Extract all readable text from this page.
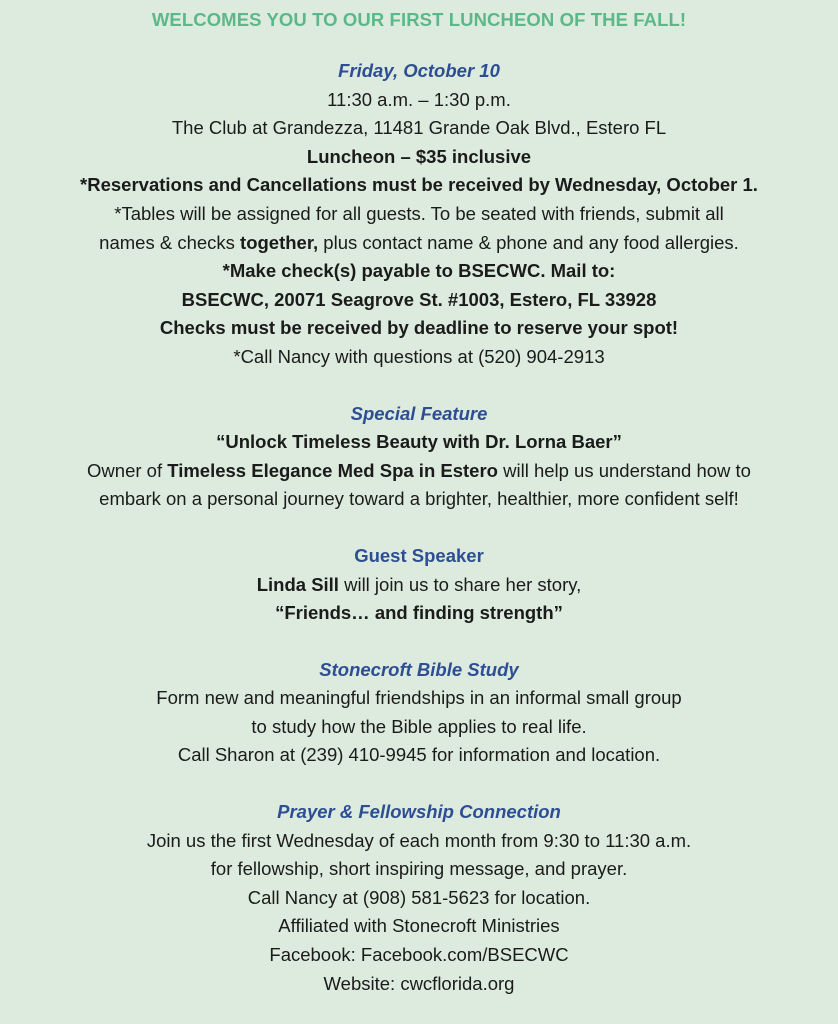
WELCOMES YOU TO OUR FIRST LUNCHEON OF THE FALL!
Friday, October 10
11:30 a.m. – 1:30 p.m.
The Club at Grandezza, 11481 Grande Oak Blvd., Estero FL
Luncheon – $35 inclusive
*Reservations and Cancellations must be received by Wednesday, October 1.
*Tables will be assigned for all guests. To be seated with friends, submit all
names & checks together, plus contact name & phone and any food allergies.
*Make check(s) payable to BSECWC. Mail to:
BSECWC, 20071 Seagrove St. #1003, Estero, FL 33928
Checks must be received by deadline to reserve your spot!
*Call Nancy with questions at (520) 904-2913
Special Feature
“Unlock Timeless Beauty with Dr. Lorna Baer”
Owner of Timeless Elegance Med Spa in Estero will help us understand how to
embark on a personal journey toward a brighter, healthier, more confident self!
Guest Speaker
Linda Sill will join us to share her story,
“Friends… and finding strength”
Stonecroft Bible Study
Form new and meaningful friendships in an informal small group
to study how the Bible applies to real life.
Call Sharon at (239) 410-9945 for information and location.
Prayer & Fellowship Connection
Join us the first Wednesday of each month from 9:30 to 11:30 a.m.
for fellowship, short inspiring message, and prayer.
Call Nancy at (908) 581-5623 for location.
Affiliated with Stonecroft Ministries
Facebook: Facebook.com/BSECWC
Website: cwcflorida.org
